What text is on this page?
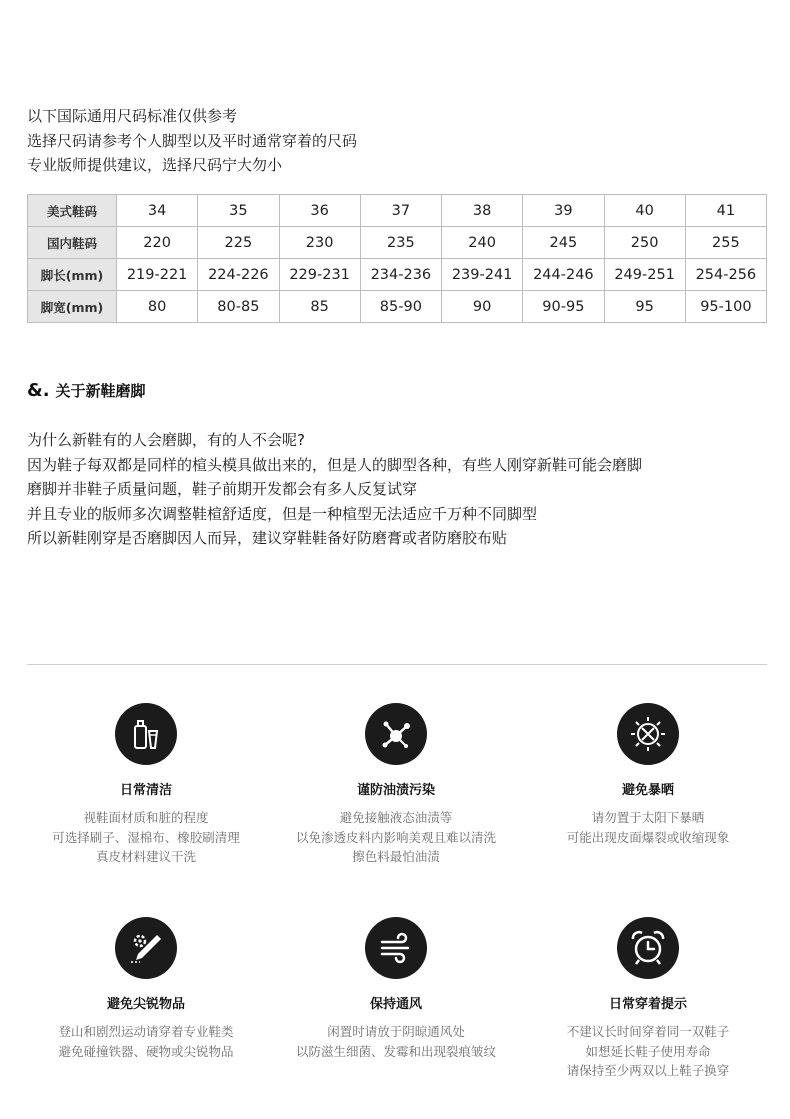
以下国际通用尺码标准仅供参考
选择尺码请参考个人脚型以及平时通常穿着的尺码
专业版师提供建议，选择尺码宁大勿小
美式鞋码	34	35	36	37	38	39	40	41
国内鞋码	220	225	230	235	240	245	250	255
脚长(mm)	219-221	224-226	229-231	234-236	239-241	244-246	249-251	254-256
脚宽(mm)	80	80-85	85	85-90	90	90-95	95	95-100
&. 关于新鞋磨脚
为什么新鞋有的人会磨脚，有的人不会呢?
因为鞋子每双都是同样的楦头模具做出来的，但是人的脚型各种，有些人刚穿新鞋可能会磨脚
磨脚并非鞋子质量问题，鞋子前期开发都会有多人反复试穿
并且专业的版师多次调整鞋楦舒适度，但是一种楦型无法适应千万种不同脚型
所以新鞋刚穿是否磨脚因人而异，建议穿鞋鞋备好防磨膏或者防磨胶布贴
日常清洁
视鞋面材质和脏的程度
可选择刷子、湿棉布、橡胶刷清理
真皮材料建议干洗
谨防油渍污染
避免接触液态油渍等
以免渗透皮料内影响美观且难以清洗
擦色料最怕油渍
避免暴晒
请勿置于太阳下暴晒
可能出现皮面爆裂或收缩现象
避免尖锐物品
登山和剧烈运动请穿着专业鞋类
避免碰撞铁器、硬物或尖锐物品
保持通风
闲置时请放于阴晾通风处
以防滋生细菌、发霉和出现裂痕皱纹
日常穿着提示
不建议长时间穿着同一双鞋子
如想延长鞋子使用寿命
请保持至少两双以上鞋子换穿
